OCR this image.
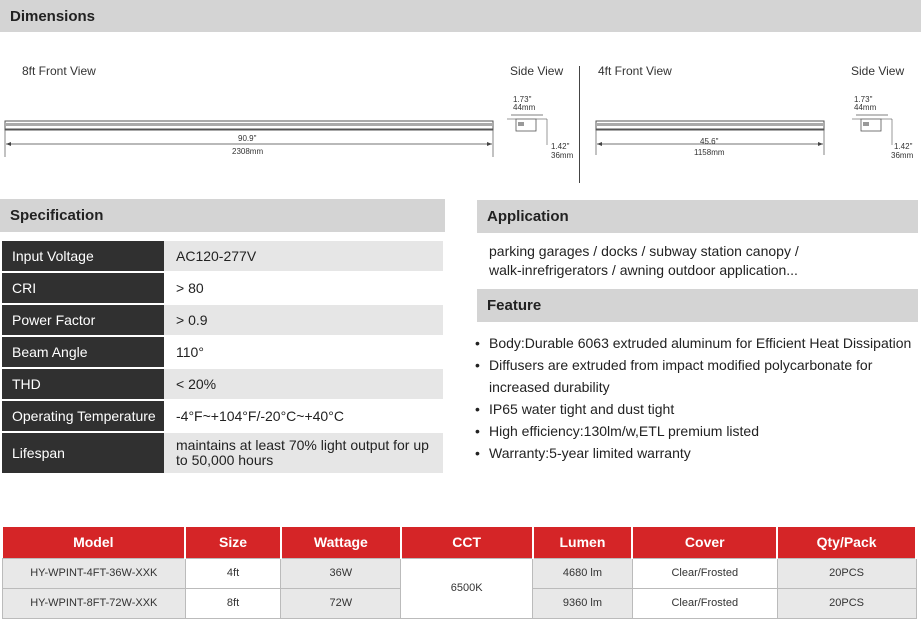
Dimensions
8ft Front View	Side View	4ft Front View	Side View
90.9"
2308mm
1.73"
44mm
1.42"
36mm
45.6"
1158mm
1.73"
44mm
1.42"
36mm
Specification
Input Voltage	AC120-277V
CRI	> 80
Power Factor	> 0.9
Beam Angle	110°
THD	< 20%
Operating Temperature	-4°F~+104°F/-20°C~+40°C
Lifespan	maintains at least 70% light output for up to 50,000 hours
Application
parking garages / docks / subway station canopy /
walk-inrefrigerators / awning outdoor application...
Feature
• Body:Durable 6063 extruded aluminum for Efficient Heat Dissipation
• Diffusers are extruded from impact modified polycarbonate for increased durability
• IP65 water tight and dust tight
• High efficiency:130lm/w,ETL premium listed
• Warranty:5-year limited warranty
Model	Size	Wattage	CCT	Lumen	Cover	Qty/Pack
HY-WPINT-4FT-36W-XXK	4ft	36W	6500K	4680 lm	Clear/Frosted	20PCS
HY-WPINT-8FT-72W-XXK	8ft	72W		9360 lm	Clear/Frosted	20PCS
